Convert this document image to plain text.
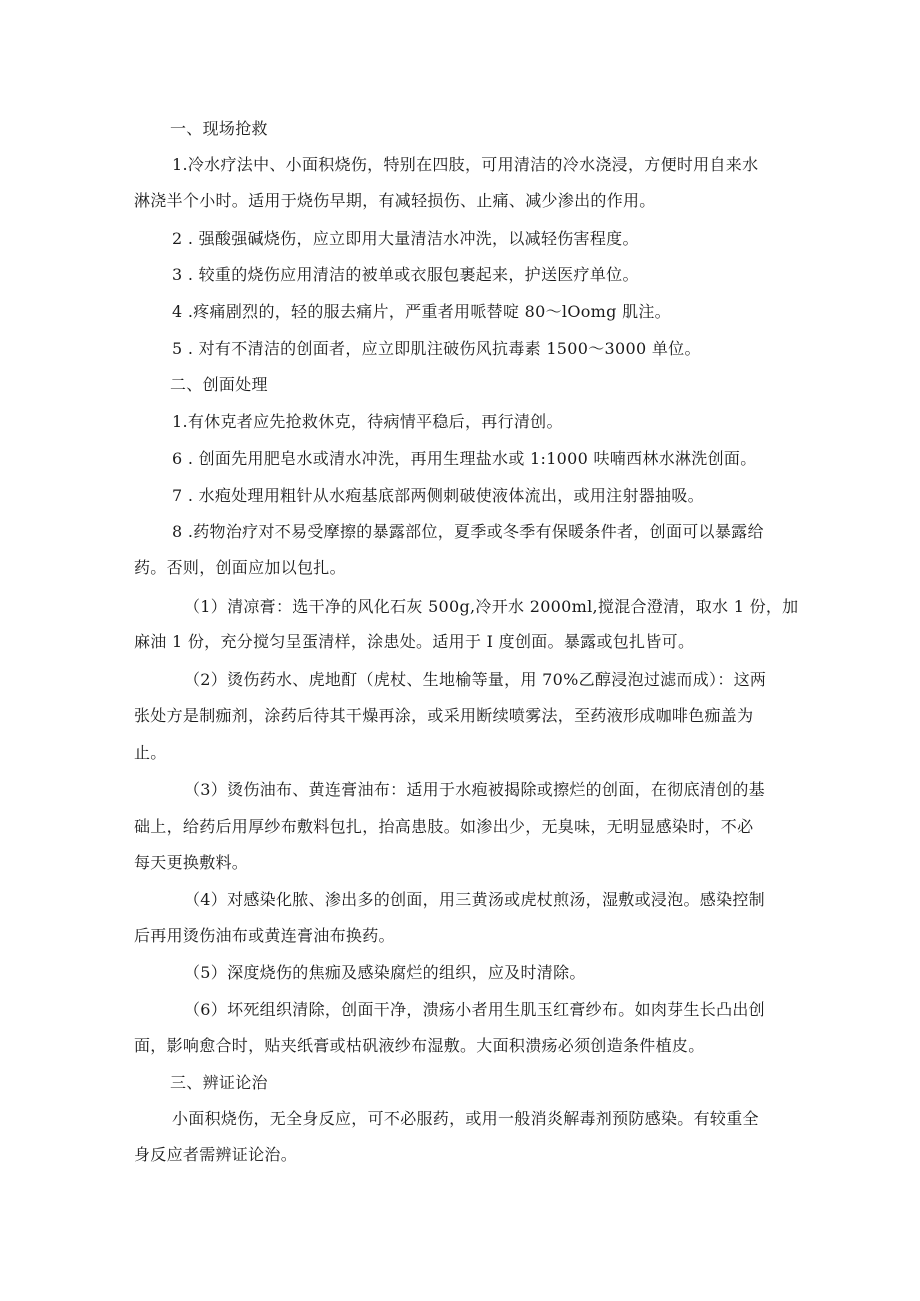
一、现场抢救
1.冷水疗法中、小面积烧伤，特别在四肢，可用清洁的冷水浇浸，方便时用自来水
淋浇半个小时。适用于烧伤早期，有减轻损伤、止痛、减少渗出的作用。
2 . 强酸强碱烧伤，应立即用大量清洁水冲洗，以减轻伤害程度。
3 . 较重的烧伤应用清洁的被单或衣服包裹起来，护送医疗单位。
4 .疼痛剧烈的，轻的服去痛片，严重者用哌替啶 80～lOomg 肌注。
5 . 对有不清洁的创面者，应立即肌注破伤风抗毒素 1500～3000 单位。
二、创面处理
1.有休克者应先抢救休克，待病情平稳后，再行清创。
6 . 创面先用肥皂水或清水冲洗，再用生理盐水或 1:1000 呋喃西林水淋洗创面。
7 . 水疱处理用粗针从水疱基底部两侧刺破使液体流出，或用注射器抽吸。
8 .药物治疗对不易受摩擦的暴露部位，夏季或冬季有保暖条件者，创面可以暴露给
药。否则，创面应加以包扎。
（1）清凉膏：选干净的风化石灰 500g,冷开水 2000ml,搅混合澄清，取水 1 份，加
麻油 1 份，充分搅匀呈蛋清样，涂患处。适用于 I 度创面。暴露或包扎皆可。
（2）烫伤药水、虎地酊（虎杖、生地榆等量，用 70%乙醇浸泡过滤而成）：这两
张处方是制痂剂，涂药后待其干燥再涂，或采用断续喷雾法，至药液形成咖啡色痂盖为
止。
（3）烫伤油布、黄连膏油布：适用于水疱被揭除或擦烂的创面，在彻底清创的基
础上，给药后用厚纱布敷料包扎，抬高患肢。如渗出少，无臭味，无明显感染时，不必
每天更换敷料。
（4）对感染化脓、渗出多的创面，用三黄汤或虎杖煎汤，湿敷或浸泡。感染控制
后再用烫伤油布或黄连膏油布换药。
（5）深度烧伤的焦痂及感染腐烂的组织，应及时清除。
（6）坏死组织清除，创面干净，溃疡小者用生肌玉红膏纱布。如肉芽生长凸出创
面，影响愈合时，贴夹纸膏或枯矾液纱布湿敷。大面积溃疡必须创造条件植皮。
三、辨证论治
小面积烧伤，无全身反应，可不必服药，或用一般消炎解毒剂预防感染。有较重全
身反应者需辨证论治。
